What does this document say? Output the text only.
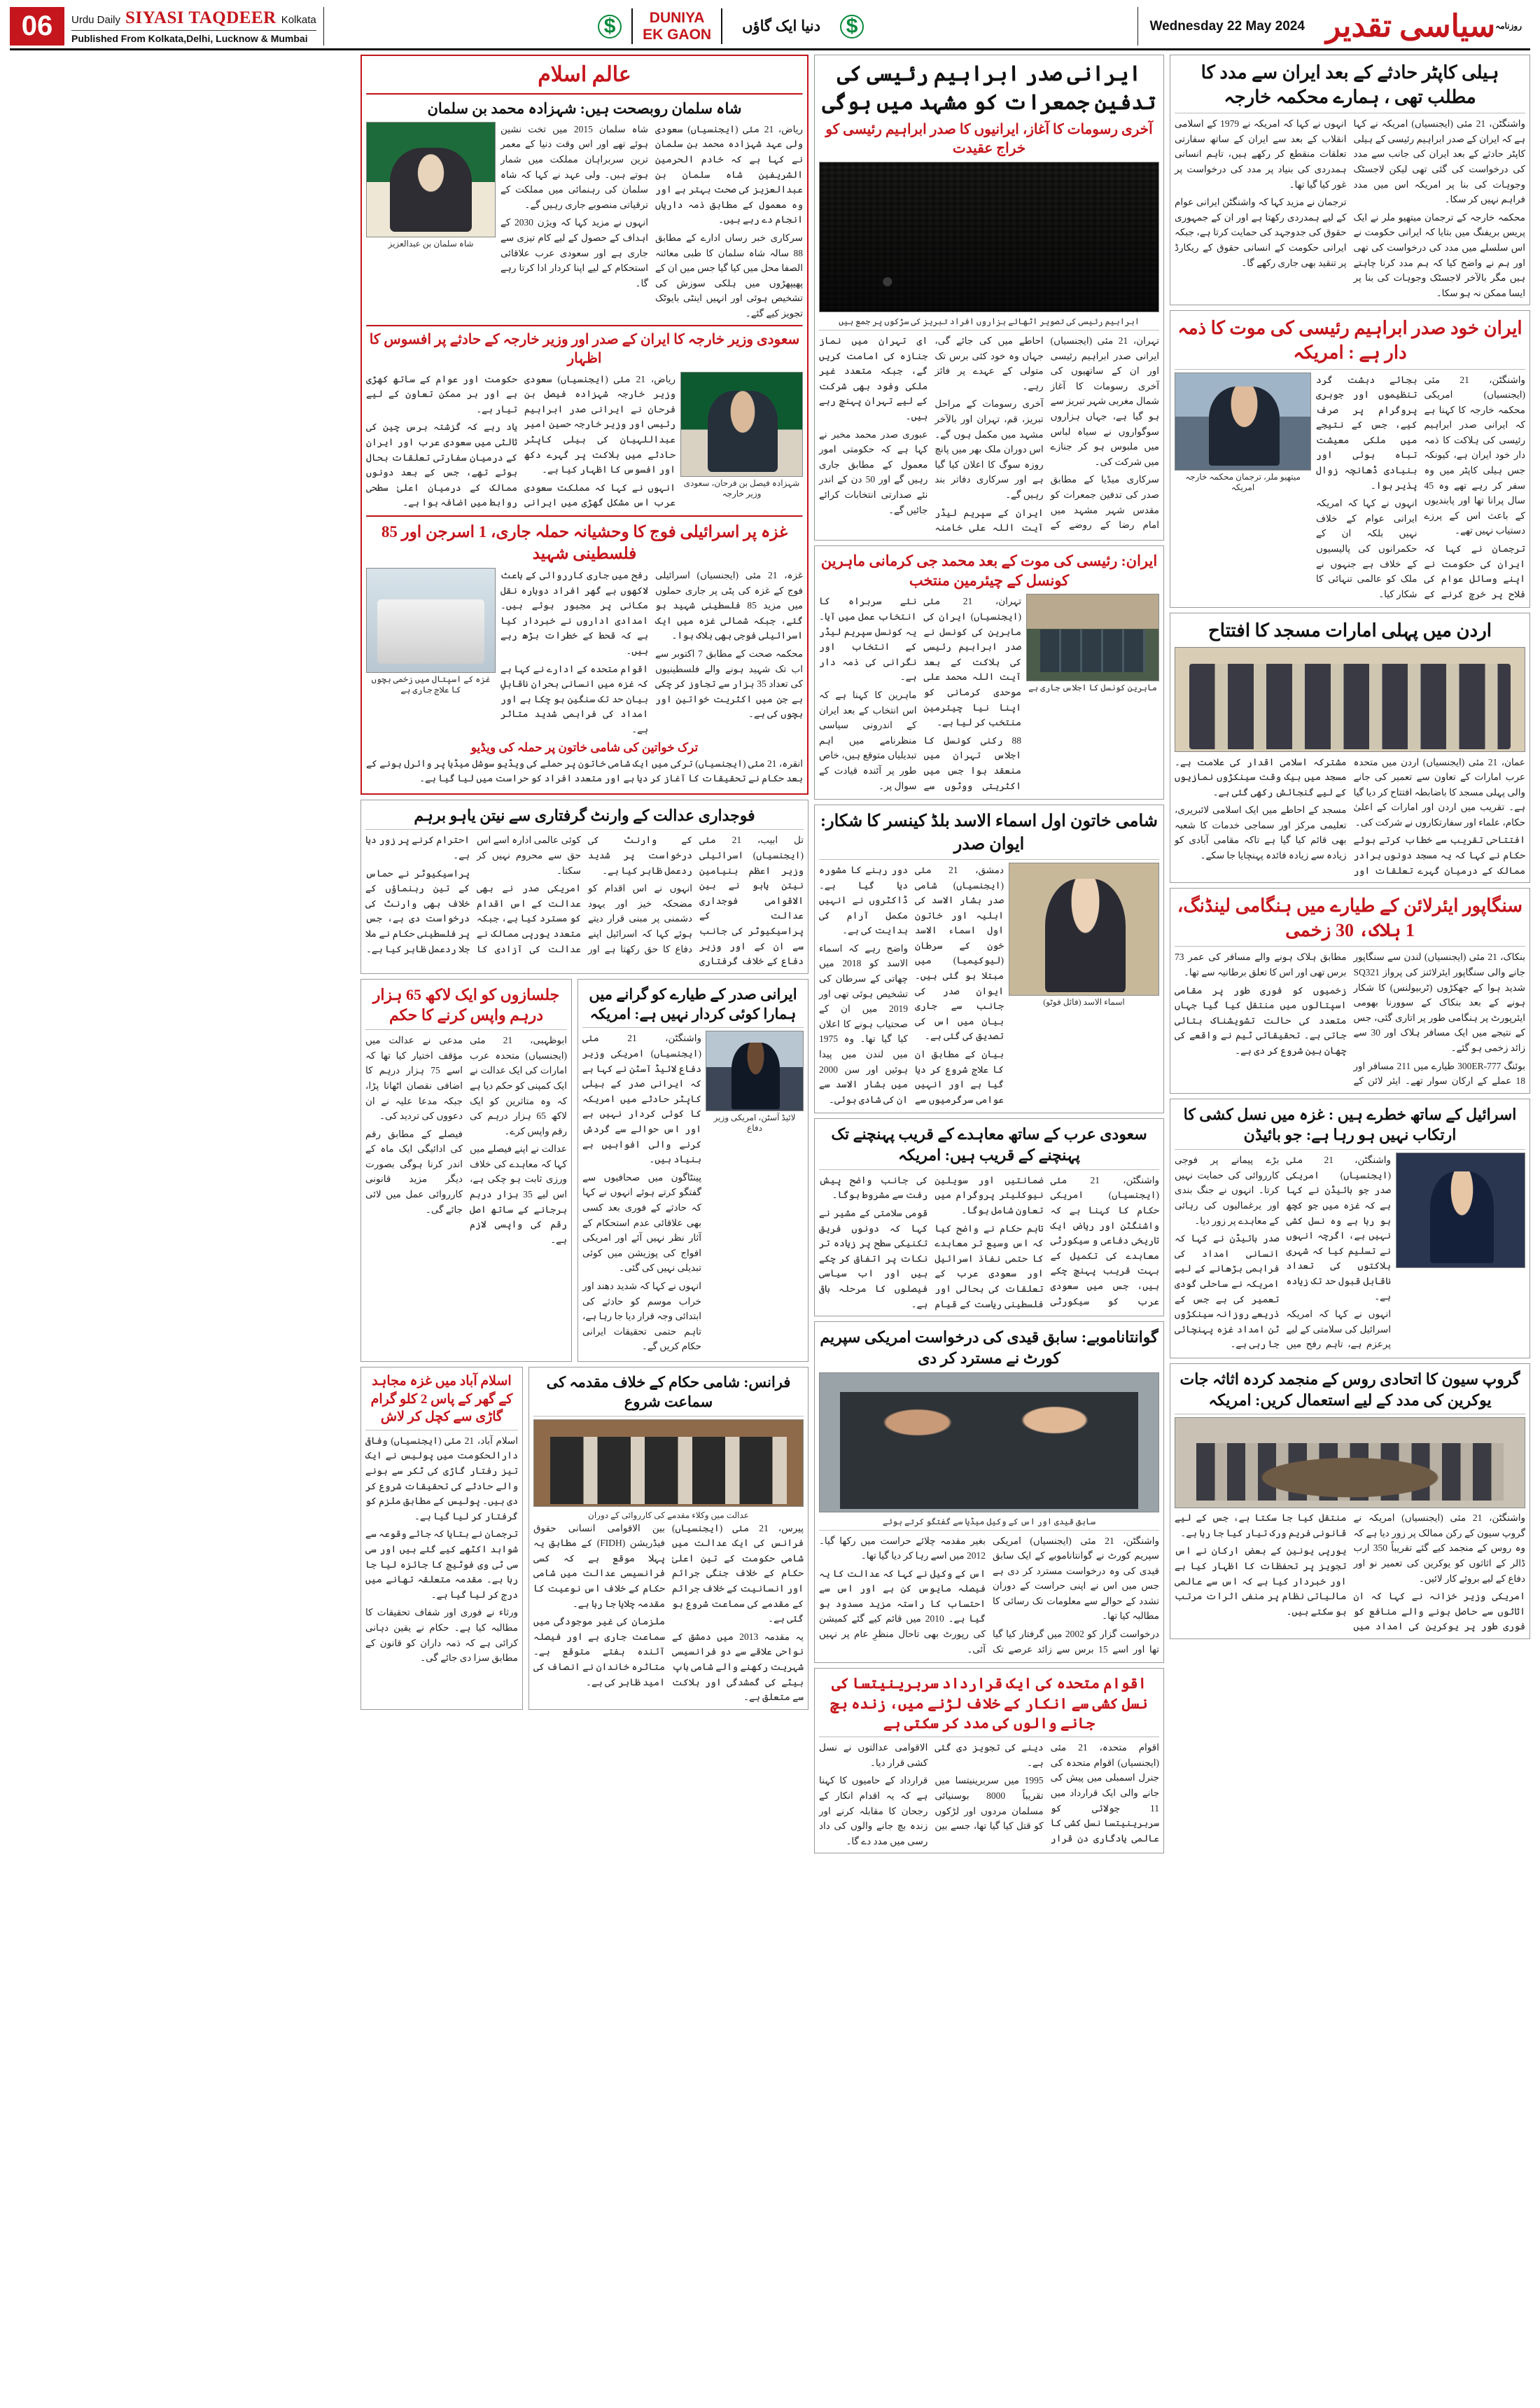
06	Urdu Daily SIYASI TAQDEER Kolkata
Published From Kolkata,Delhi, Lucknow & Mumbai
$	DUNIYA
EK GAON
دنیا ایک گاؤں	$	Wednesday 22 May 2024	روزنامہ
سیاسی تقدیر
ہیلی کاپٹر حادثے کے بعد ایران سے مدد کا مطلب تھی ، ہمارے محکمہ خارجہ

واشنگٹن، 21 مئی (ایجنسیاں) امریکہ نے کہا ہے کہ ایران کے صدر ابراہیم رئیسی کے ہیلی کاپٹر حادثے کے بعد ایران کی جانب سے مدد کی درخواست کی گئی تھی لیکن لاجسٹک وجوہات کی بنا پر امریکہ اس میں مدد فراہم نہیں کر سکا۔

محکمہ خارجہ کے ترجمان میتھیو ملر نے ایک پریس بریفنگ میں بتایا کہ ایرانی حکومت نے اس سلسلے میں مدد کی درخواست کی تھی اور ہم نے واضح کیا کہ ہم مدد کرنا چاہتے ہیں مگر بالآخر لاجسٹک وجوہات کی بنا پر ایسا ممکن نہ ہو سکا۔

انہوں نے کہا کہ امریکہ نے 1979 کے اسلامی انقلاب کے بعد سے ایران کے ساتھ سفارتی تعلقات منقطع کر رکھے ہیں، تاہم انسانی ہمدردی کی بنیاد پر مدد کی درخواست پر غور کیا گیا تھا۔

ترجمان نے مزید کہا کہ واشنگٹن ایرانی عوام کے لیے ہمدردی رکھتا ہے اور ان کے جمہوری حقوق کی جدوجہد کی حمایت کرتا ہے، جبکہ ایرانی حکومت کے انسانی حقوق کے ریکارڈ پر تنقید بھی جاری رکھے گا۔

ایران خود صدر ابراہیم رئیسی کی موت کا ذمہ دار ہے : امریکہ

واشنگٹن، 21 مئی (ایجنسیاں) امریکی محکمہ خارجہ کا کہنا ہے کہ ایرانی صدر ابراہیم رئیسی کی ہلاکت کا ذمہ دار خود ایران ہے، کیونکہ جس ہیلی کاپٹر میں وہ سفر کر رہے تھے وہ 45 سال پرانا تھا اور پابندیوں کے باعث اس کے پرزے دستیاب نہیں تھے۔

ترجمان نے کہا کہ ایران کی حکومت نے اپنے وسائل عوام کی فلاح پر خرچ کرنے کے بجائے دہشت گرد تنظیموں اور جوہری پروگرام پر صرف کیے، جس کے نتیجے میں ملکی معیشت تباہ ہوئی اور بنیادی ڈھانچہ زوال پذیر ہوا۔

انہوں نے کہا کہ امریکہ ایرانی عوام کے خلاف نہیں بلکہ ان کے حکمرانوں کی پالیسیوں کے خلاف ہے جنہوں نے ملک کو عالمی تنہائی کا شکار کیا۔

میتھیو ملر، ترجمان محکمہ خارجہ امریکہ
اردن میں پہلی امارات مسجد کا افتتاح

عمان، 21 مئی (ایجنسیاں) اردن میں متحدہ عرب امارات کے تعاون سے تعمیر کی جانے والی پہلی مسجد کا باضابطہ افتتاح کر دیا گیا ہے۔ تقریب میں اردن اور امارات کے اعلیٰ حکام، علماء اور سفارتکاروں نے شرکت کی۔

افتتاحی تقریب سے خطاب کرتے ہوئے حکام نے کہا کہ یہ مسجد دونوں برادر ممالک کے درمیان گہرے تعلقات اور مشترکہ اسلامی اقدار کی علامت ہے۔ مسجد میں بیک وقت سینکڑوں نمازیوں کے لیے گنجائش رکھی گئی ہے۔

مسجد کے احاطے میں ایک اسلامی لائبریری، تعلیمی مرکز اور سماجی خدمات کا شعبہ بھی قائم کیا گیا ہے تاکہ مقامی آبادی کو زیادہ سے زیادہ فائدہ پہنچایا جا سکے۔

سنگاپور ایئرلائن کے طیارے میں ہنگامی لینڈنگ، 1 ہلاک، 30 زخمی

بنکاک، 21 مئی (ایجنسیاں) لندن سے سنگاپور جانے والی سنگاپور ایئرلائنز کی پرواز SQ321 شدید ہوا کے جھکڑوں (ٹربیولنس) کا شکار ہونے کے بعد بنکاک کے سوورنا بھومی ایئرپورٹ پر ہنگامی طور پر اتاری گئی، جس کے نتیجے میں ایک مسافر ہلاک اور 30 سے زائد زخمی ہو گئے۔

بوئنگ 777-300ER طیارے میں 211 مسافر اور 18 عملے کے ارکان سوار تھے۔ ایئر لائن کے مطابق ہلاک ہونے والے مسافر کی عمر 73 برس تھی اور اس کا تعلق برطانیہ سے تھا۔

زخمیوں کو فوری طور پر مقامی اسپتالوں میں منتقل کیا گیا جہاں متعدد کی حالت تشویشناک بتائی جاتی ہے۔ تحقیقاتی ٹیم نے واقعے کی چھان بین شروع کر دی ہے۔

اسرائیل کے ساتھ خطرے ہیں : غزہ میں نسل کشی کا ارتکاب نہیں ہو رہا ہے: جو بائیڈن

واشنگٹن، 21 مئی (ایجنسیاں) امریکی صدر جو بائیڈن نے کہا ہے کہ غزہ میں جو کچھ ہو رہا ہے وہ نسل کشی نہیں ہے، اگرچہ انہوں نے تسلیم کیا کہ شہری ہلاکتوں کی تعداد ناقابل قبول حد تک زیادہ ہے۔

انہوں نے کہا کہ امریکہ اسرائیل کی سلامتی کے لیے پرعزم ہے، تاہم رفح میں بڑے پیمانے پر فوجی کارروائی کی حمایت نہیں کرتا۔ انہوں نے جنگ بندی اور یرغمالیوں کی رہائی کے معاہدے پر زور دیا۔

صدر بائیڈن نے کہا کہ انسانی امداد کی فراہمی بڑھانے کے لیے امریکہ نے ساحلی گودی تعمیر کی ہے جس کے ذریعے روزانہ سینکڑوں ٹن امداد غزہ پہنچائی جا رہی ہے۔

گروپ سیون کا اتحادی روس کے منجمد کردہ اثاثہ جات یوکرین کی مدد کے لیے استعمال کریں: امریکہ

واشنگٹن، 21 مئی (ایجنسیاں) امریکہ نے گروپ سیون کے رکن ممالک پر زور دیا ہے کہ وہ روس کے منجمد کیے گئے تقریباً 350 ارب ڈالر کے اثاثوں کو یوکرین کی تعمیر نو اور دفاع کے لیے بروئے کار لائیں۔

امریکی وزیر خزانہ نے کہا کہ ان اثاثوں سے حاصل ہونے والے منافع کو فوری طور پر یوکرین کی امداد میں منتقل کیا جا سکتا ہے، جس کے لیے قانونی فریم ورک تیار کیا جا رہا ہے۔

یورپی یونین کے بعض ارکان نے اس تجویز پر تحفظات کا اظہار کیا ہے اور خبردار کیا ہے کہ اس سے عالمی مالیاتی نظام پر منفی اثرات مرتب ہو سکتے ہیں۔

ایرانی صدر ابراہیم رئیسی کی تدفین جمعرات کو مشہد میں ہوگی
آخری رسومات کا آغاز، ایرانیوں کا صدر ابراہیم رئیسی کو خراج عقیدت
ابراہیم رئیسی کی تصویر اٹھائے ہزاروں افراد تبریز کی سڑکوں پر جمع ہیں

تہران، 21 مئی (ایجنسیاں) ایرانی صدر ابراہیم رئیسی اور ان کے ساتھیوں کی آخری رسومات کا آغاز شمال مغربی شہر تبریز سے ہو گیا ہے، جہاں ہزاروں سوگواروں نے سیاہ لباس میں ملبوس ہو کر جنازے میں شرکت کی۔

سرکاری میڈیا کے مطابق صدر کی تدفین جمعرات کو مقدس شہر مشہد میں امام رضا کے روضے کے احاطے میں کی جائے گی، جہاں وہ خود کئی برس تک متولی کے عہدے پر فائز رہے۔

آخری رسومات کے مراحل تبریز، قم، تہران اور بالآخر مشہد میں مکمل ہوں گے۔ اس دوران ملک بھر میں پانچ روزہ سوگ کا اعلان کیا گیا ہے اور سرکاری دفاتر بند رہیں گے۔

ایران کے سپریم لیڈر آیت اللہ علی خامنہ ای تہران میں نماز جنازہ کی امامت کریں گے، جبکہ متعدد غیر ملکی وفود بھی شرکت کے لیے تہران پہنچ رہے ہیں۔

عبوری صدر محمد مخبر نے کہا ہے کہ حکومتی امور معمول کے مطابق جاری رہیں گے اور 50 دن کے اندر نئے صدارتی انتخابات کرائے جائیں گے۔

ایران: رئیسی کی موت کے بعد محمد جی کرمانی ماہرین کونسل کے چیئرمین منتخب
ماہرین کونسل کا اجلاس جاری ہے

تہران، 21 مئی (ایجنسیاں) ایران کی ماہرین کی کونسل نے صدر ابراہیم رئیسی کی ہلاکت کے بعد آیت اللہ محمد علی موحدی کرمانی کو اپنا نیا چیئرمین منتخب کر لیا ہے۔

88 رکنی کونسل کا اجلاس تہران میں منعقد ہوا جس میں اکثریتی ووٹوں سے نئے سربراہ کا انتخاب عمل میں آیا۔ یہ کونسل سپریم لیڈر کے انتخاب اور نگرانی کی ذمہ دار ہے۔

ماہرین کا کہنا ہے کہ اس انتخاب کے بعد ایران کے اندرونی سیاسی منظرنامے میں اہم تبدیلیاں متوقع ہیں، خاص طور پر آئندہ قیادت کے سوال پر۔

شامی خاتون اول اسماء الاسد بلڈ کینسر کا شکار: ایوان صدر
اسماء الاسد (فائل فوٹو)

دمشق، 21 مئی (ایجنسیاں) شامی صدر بشار الاسد کی اہلیہ اور خاتون اول اسماء الاسد خون کے سرطان (لیوکیمیا) میں مبتلا ہو گئی ہیں۔ ایوان صدر کی جانب سے جاری بیان میں اس کی تصدیق کی گئی ہے۔

بیان کے مطابق ان کا علاج شروع کر دیا گیا ہے اور انہیں عوامی سرگرمیوں سے دور رہنے کا مشورہ دیا گیا ہے۔ ڈاکٹروں نے انہیں مکمل آرام کی ہدایت کی ہے۔

واضح رہے کہ اسماء الاسد کو 2018 میں چھاتی کے سرطان کی تشخیص ہوئی تھی اور 2019 میں ان کے صحتیاب ہونے کا اعلان کیا گیا تھا۔ وہ 1975 میں لندن میں پیدا ہوئیں اور سن 2000 میں بشار الاسد سے ان کی شادی ہوئی۔

سعودی عرب کے ساتھ معاہدے کے قریب پہنچنے تک پہنچنے کے قریب ہیں: امریکہ

واشنگٹن، 21 مئی (ایجنسیاں) امریکی حکام کا کہنا ہے کہ واشنگٹن اور ریاض ایک تاریخی دفاعی و سیکورٹی معاہدے کی تکمیل کے بہت قریب پہنچ چکے ہیں، جس میں سعودی عرب کو سیکورٹی ضمانتیں اور سویلین نیوکلیئر پروگرام میں تعاون شامل ہوگا۔

تاہم حکام نے واضح کیا کہ اس وسیع تر معاہدے کا حتمی نفاذ اسرائیل اور سعودی عرب کے تعلقات کی بحالی اور فلسطینی ریاست کے قیام کی جانب واضح پیش رفت سے مشروط ہوگا۔

قومی سلامتی کے مشیر نے کہا کہ دونوں فریق تکنیکی سطح پر زیادہ تر نکات پر اتفاق کر چکے ہیں اور اب سیاسی فیصلوں کا مرحلہ باقی ہے۔

گوانتاناموبے: سابق قیدی کی درخواست امریکی سپریم کورٹ نے مسترد کر دی
سابق قیدی اور اس کے وکیل میڈیا سے گفتگو کرتے ہوئے

واشنگٹن، 21 مئی (ایجنسیاں) امریکی سپریم کورٹ نے گوانتاناموبے کے ایک سابق قیدی کی وہ درخواست مسترد کر دی ہے جس میں اس نے اپنی حراست کے دوران تشدد کے حوالے سے معلومات تک رسائی کا مطالبہ کیا تھا۔

درخواست گزار کو 2002 میں گرفتار کیا گیا تھا اور اسے 15 برس سے زائد عرصے تک بغیر مقدمہ چلائے حراست میں رکھا گیا۔ 2012 میں اسے رہا کر دیا گیا تھا۔

اس کے وکیل نے کہا کہ عدالت کا یہ فیصلہ مایوس کن ہے اور اس سے احتساب کا راستہ مزید مسدود ہو گیا ہے۔ 2010 میں قائم کیے گئے کمیشن کی رپورٹ بھی تاحال منظرِ عام پر نہیں آئی۔

اقوام متحدہ کی ایک قرارداد سربرینیتسا کی نسل کشی سے انکار کے خلاف لڑنے میں، زندہ بچ جانے والوں کی مدد کر سکتی ہے

اقوام متحدہ، 21 مئی (ایجنسیاں) اقوام متحدہ کی جنرل اسمبلی میں پیش کی جانے والی ایک قرارداد میں 11 جولائی کو سربرینیتسا نسل کشی کا عالمی یادگاری دن قرار دینے کی تجویز دی گئی ہے۔

1995 میں سربرینیتسا میں تقریباً 8000 بوسنیائی مسلمان مردوں اور لڑکوں کو قتل کیا گیا تھا، جسے بین الاقوامی عدالتوں نے نسل کشی قرار دیا۔

قرارداد کے حامیوں کا کہنا ہے کہ یہ اقدام انکار کے رجحان کا مقابلہ کرنے اور زندہ بچ جانے والوں کی داد رسی میں مدد دے گا۔

عالم اسلام
شاہ سلمان روبصحت ہیں: شہزادہ محمد بن سلمان

ریاض، 21 مئی (ایجنسیاں) سعودی ولی عہد شہزادہ محمد بن سلمان نے کہا ہے کہ خادم الحرمین الشریفین شاہ سلمان بن عبدالعزیز کی صحت بہتر ہے اور وہ معمول کے مطابق ذمہ داریاں انجام دے رہے ہیں۔

سرکاری خبر رساں ادارے کے مطابق 88 سالہ شاہ سلمان کا طبی معائنہ الصفا محل میں کیا گیا جس میں ان کے پھیپھڑوں میں ہلکی سوزش کی تشخیص ہوئی اور انہیں اینٹی بایوٹک تجویز کیے گئے۔

شاہ سلمان 2015 میں تخت نشین ہوئے تھے اور اس وقت دنیا کے معمر ترین سربراہان مملکت میں شمار ہوتے ہیں۔ ولی عہد نے کہا کہ شاہ سلمان کی رہنمائی میں مملکت کے ترقیاتی منصوبے جاری رہیں گے۔

انہوں نے مزید کہا کہ ویژن 2030 کے اہداف کے حصول کے لیے کام تیزی سے جاری ہے اور سعودی عرب علاقائی استحکام کے لیے اپنا کردار ادا کرتا رہے گا۔

شاہ سلمان بن عبدالعزیز
سعودی وزیر خارجہ کا ایران کے صدر اور وزیر خارجہ کے حادثے پر افسوس کا اظہار
شہزادہ فیصل بن فرحان، سعودی وزیر خارجہ

ریاض، 21 مئی (ایجنسیاں) سعودی وزیر خارجہ شہزادہ فیصل بن فرحان نے ایرانی صدر ابراہیم رئیسی اور وزیر خارجہ حسین امیر عبداللہیان کی ہیلی کاپٹر حادثے میں ہلاکت پر گہرے دکھ اور افسوس کا اظہار کیا ہے۔

انہوں نے کہا کہ مملکت سعودی عرب اس مشکل گھڑی میں ایرانی حکومت اور عوام کے ساتھ کھڑی ہے اور ہر ممکن تعاون کے لیے تیار ہے۔

یاد رہے کہ گزشتہ برس چین کی ثالثی میں سعودی عرب اور ایران کے درمیان سفارتی تعلقات بحال ہوئے تھے، جس کے بعد دونوں ممالک کے درمیان اعلیٰ سطحی روابط میں اضافہ ہوا ہے۔

غزہ پر اسرائیلی فوج کا وحشیانہ حملہ جاری، 1 اسرجن اور 85 فلسطینی شہید

غزہ، 21 مئی (ایجنسیاں) اسرائیلی فوج کے غزہ کی پٹی پر جاری حملوں میں مزید 85 فلسطینی شہید ہو گئے، جبکہ شمالی غزہ میں ایک اسرائیلی فوجی بھی ہلاک ہوا۔

محکمہ صحت کے مطابق 7 اکتوبر سے اب تک شہید ہونے والے فلسطینیوں کی تعداد 35 ہزار سے تجاوز کر چکی ہے جن میں اکثریت خواتین اور بچوں کی ہے۔

رفح میں جاری کارروائی کے باعث لاکھوں بے گھر افراد دوبارہ نقل مکانی پر مجبور ہوئے ہیں۔ امدادی اداروں نے خبردار کیا ہے کہ قحط کے خطرات بڑھ رہے ہیں۔

اقوام متحدہ کے ادارے نے کہا ہے کہ غزہ میں انسانی بحران ناقابلِ بیان حد تک سنگین ہو چکا ہے اور امداد کی فراہمی شدید متاثر ہے۔

غزہ کے اسپتال میں زخمی بچوں کا علاج جاری ہے
ترک خواتین کی شامی خاتون پر حملہ کی ویڈیو

انقرہ، 21 مئی (ایجنسیاں) ترکی میں ایک شامی خاتون پر حملے کی ویڈیو سوشل میڈیا پر وائرل ہونے کے بعد حکام نے تحقیقات کا آغاز کر دیا ہے اور متعدد افراد کو حراست میں لیا گیا ہے۔

فوجداری عدالت کے وارنٹ گرفتاری سے نیتن یاہو برہم

تل ابیب، 21 مئی (ایجنسیاں) اسرائیلی وزیر اعظم بنیامین نیتن یاہو نے بین الاقوامی فوجداری عدالت کے پراسیکیوٹر کی جانب سے ان کے اور وزیر دفاع کے خلاف گرفتاری کے وارنٹ کی درخواست پر شدید ردعمل ظاہر کیا ہے۔

انہوں نے اس اقدام کو مضحکہ خیز اور یہود دشمنی پر مبنی قرار دیتے ہوئے کہا کہ اسرائیل اپنے دفاع کا حق رکھتا ہے اور کوئی عالمی ادارہ اسے اس حق سے محروم نہیں کر سکتا۔

امریکی صدر نے بھی عدالت کے اس اقدام کو مسترد کیا ہے، جبکہ متعدد یورپی ممالک نے عدالت کی آزادی کا احترام کرنے پر زور دیا ہے۔

پراسیکیوٹر نے حماس کے تین رہنماؤں کے خلاف بھی وارنٹ کی درخواست دی ہے، جس پر فلسطینی حکام نے ملا جلا ردعمل ظاہر کیا ہے۔

ایرانی صدر کے طیارے کو گرانے میں ہمارا کوئی کردار نہیں ہے: امریکہ
لائیڈ آسٹن، امریکی وزیر دفاع

واشنگٹن، 21 مئی (ایجنسیاں) امریکی وزیر دفاع لائیڈ آسٹن نے کہا ہے کہ ایرانی صدر کے ہیلی کاپٹر حادثے میں امریکہ کا کوئی کردار نہیں ہے اور اس حوالے سے گردش کرنے والی افواہیں بے بنیاد ہیں۔

پینٹاگون میں صحافیوں سے گفتگو کرتے ہوئے انہوں نے کہا کہ حادثے کے فوری بعد کسی بھی علاقائی عدم استحکام کے آثار نظر نہیں آئے اور امریکی افواج کی پوزیشن میں کوئی تبدیلی نہیں کی گئی۔

انہوں نے کہا کہ شدید دھند اور خراب موسم کو حادثے کی ابتدائی وجہ قرار دیا جا رہا ہے، تاہم حتمی تحقیقات ایرانی حکام کریں گے۔

جلسازوں کو ایک لاکھ 65 ہزار درہم واپس کرنے کا حکم

ابوظہبی، 21 مئی (ایجنسیاں) متحدہ عرب امارات کی ایک عدالت نے ایک کمپنی کو حکم دیا ہے کہ وہ متاثرین کو ایک لاکھ 65 ہزار درہم کی رقم واپس کرے۔

عدالت نے اپنے فیصلے میں کہا کہ معاہدے کی خلاف ورزی ثابت ہو چکی ہے، اس لیے 35 ہزار درہم ہرجانے کے ساتھ اصل رقم کی واپسی لازم ہے۔

مدعی نے عدالت میں مؤقف اختیار کیا تھا کہ اسے 75 ہزار درہم کا اضافی نقصان اٹھانا پڑا، جبکہ مدعا علیہ نے ان دعووں کی تردید کی۔

فیصلے کے مطابق رقم کی ادائیگی ایک ماہ کے اندر کرنا ہوگی بصورت دیگر مزید قانونی کارروائی عمل میں لائی جائے گی۔

فرانس: شامی حکام کے خلاف مقدمہ کی سماعت شروع
عدالت میں وکلاء مقدمے کی کارروائی کے دوران

پیرس، 21 مئی (ایجنسیاں) فرانس کی ایک عدالت میں شامی حکومت کے تین اعلیٰ حکام کے خلاف جنگی جرائم اور انسانیت کے خلاف جرائم کے مقدمے کی سماعت شروع ہو گئی ہے۔

یہ مقدمہ 2013 میں دمشق کے نواحی علاقے سے دو فرانسیسی شہریت رکھنے والے شامی باپ بیٹے کی گمشدگی اور ہلاکت سے متعلق ہے۔

بین الاقوامی انسانی حقوق فیڈریشن (FIDH) کے مطابق یہ پہلا موقع ہے کہ کسی فرانسیسی عدالت میں شامی حکام کے خلاف اس نوعیت کا مقدمہ چلایا جا رہا ہے۔

ملزمان کی غیر موجودگی میں سماعت جاری ہے اور فیصلہ آئندہ ہفتے متوقع ہے۔ متاثرہ خاندان نے انصاف کی امید ظاہر کی ہے۔

اسلام آباد میں غزہ مجاہد کے گھر کے پاس 2 کلو گرام گاڑی سے کچل کر لاش

اسلام آباد، 21 مئی (ایجنسیاں) وفاقی دارالحکومت میں پولیس نے ایک تیز رفتار گاڑی کی ٹکر سے ہونے والے حادثے کی تحقیقات شروع کر دی ہیں۔ پولیس کے مطابق ملزم کو گرفتار کر لیا گیا ہے۔

ترجمان نے بتایا کہ جائے وقوعہ سے شواہد اکٹھے کیے گئے ہیں اور سی سی ٹی وی فوٹیج کا جائزہ لیا جا رہا ہے۔ مقدمہ متعلقہ تھانے میں درج کر لیا گیا ہے۔

ورثاء نے فوری اور شفاف تحقیقات کا مطالبہ کیا ہے۔ حکام نے یقین دہانی کرائی ہے کہ ذمہ داران کو قانون کے مطابق سزا دی جائے گی۔
